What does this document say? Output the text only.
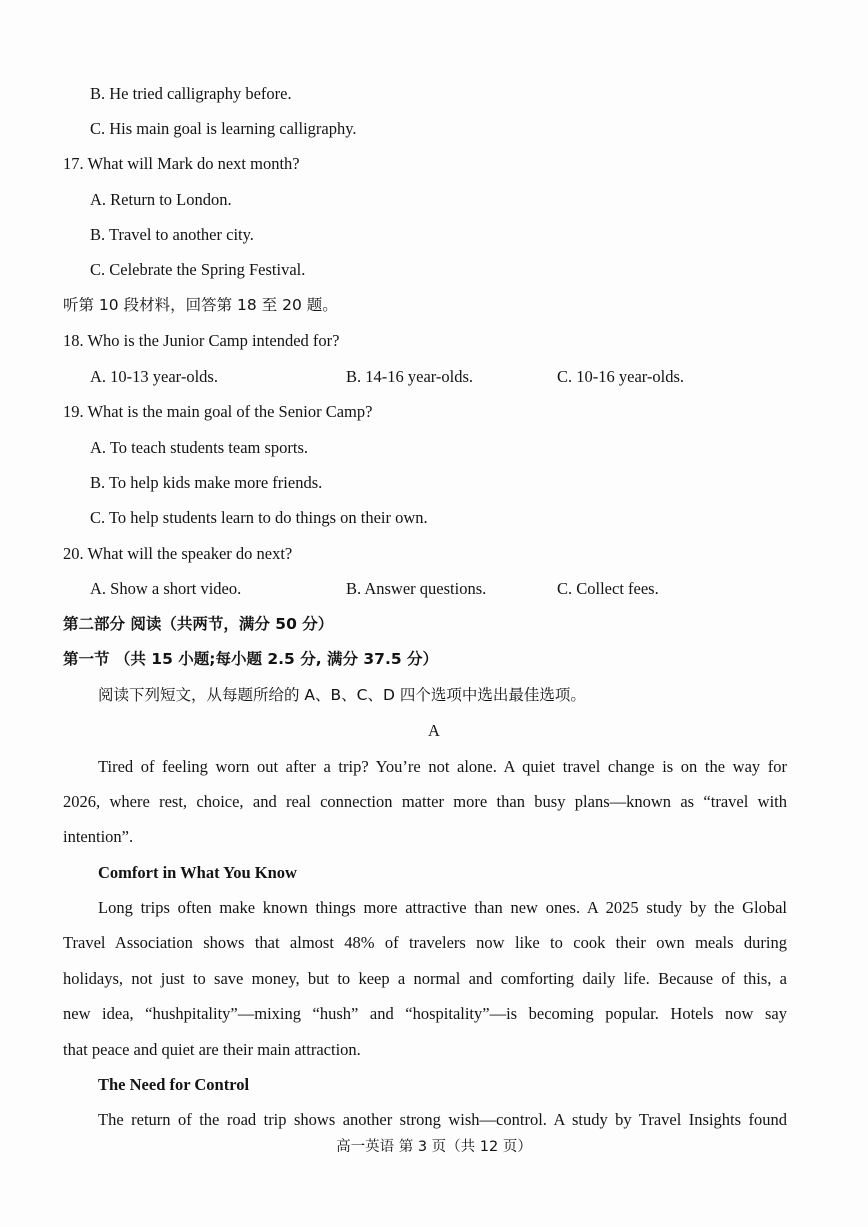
B. He tried calligraphy before.
C. His main goal is learning calligraphy.
17. What will Mark do next month?
A. Return to London.
B. Travel to another city.
C. Celebrate the Spring Festival.
听第 10 段材料，回答第 18 至 20 题。
18. Who is the Junior Camp intended for?
A. 10-13 year-olds.	B. 14-16 year-olds.	C. 10-16 year-olds.
19. What is the main goal of the Senior Camp?
A. To teach students team sports.
B. To help kids make more friends.
C. To help students learn to do things on their own.
20. What will the speaker do next?
A. Show a short video.	B. Answer questions.	C. Collect fees.
第二部分 阅读（共两节，满分 50 分）
第一节 （共 15 小题;每小题 2.5 分, 满分 37.5 分）
阅读下列短文，从每题所给的 A、B、C、D 四个选项中选出最佳选项。
A
Tired of feeling worn out after a trip? You’re not alone. A quiet travel change is on the way for
2026, where rest, choice, and real connection matter more than busy plans—known as “travel with
intention”.
Comfort in What You Know
Long trips often make known things more attractive than new ones. A 2025 study by the Global
Travel Association shows that almost 48% of travelers now like to cook their own meals during
holidays, not just to save money, but to keep a normal and comforting daily life. Because of this, a
new idea, “hushpitality”—mixing “hush” and “hospitality”—is becoming popular. Hotels now say
that peace and quiet are their main attraction.
The Need for Control
The return of the road trip shows another strong wish—control. A study by Travel Insights found
高一英语 第 3 页（共 12 页）
